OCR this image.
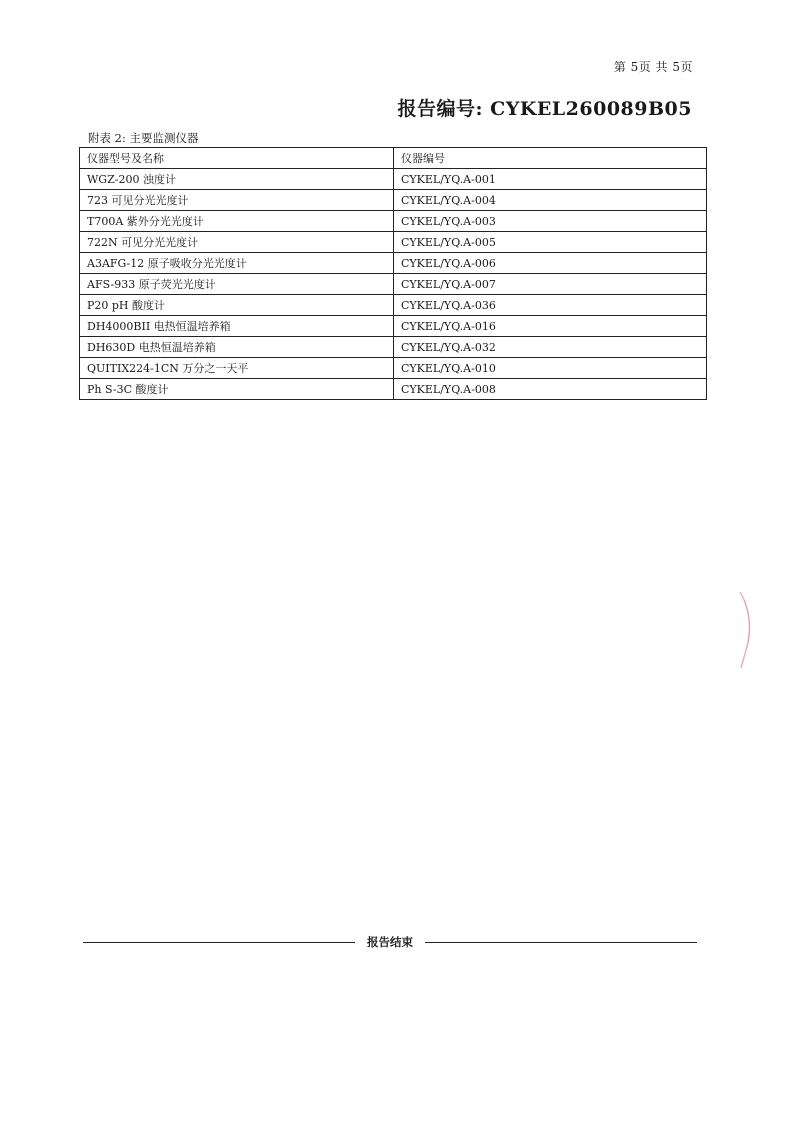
第 5页 共 5页
报告编号: CYKEL260089B05
附表 2: 主要监测仪器
仪器型号及名称	仪器编号
WGZ-200 浊度计	CYKEL/YQ.A-001
723 可见分光光度计	CYKEL/YQ.A-004
T700A 紫外分光光度计	CYKEL/YQ.A-003
722N 可见分光光度计	CYKEL/YQ.A-005
A3AFG-12 原子吸收分光光度计	CYKEL/YQ.A-006
AFS-933 原子荧光光度计	CYKEL/YQ.A-007
P20 pH 酸度计	CYKEL/YQ.A-036
DH4000BII 电热恒温培养箱	CYKEL/YQ.A-016
DH630D 电热恒温培养箱	CYKEL/YQ.A-032
QUITIX224-1CN 万分之一天平	CYKEL/YQ.A-010
Ph S-3C 酸度计	CYKEL/YQ.A-008
报告结束
